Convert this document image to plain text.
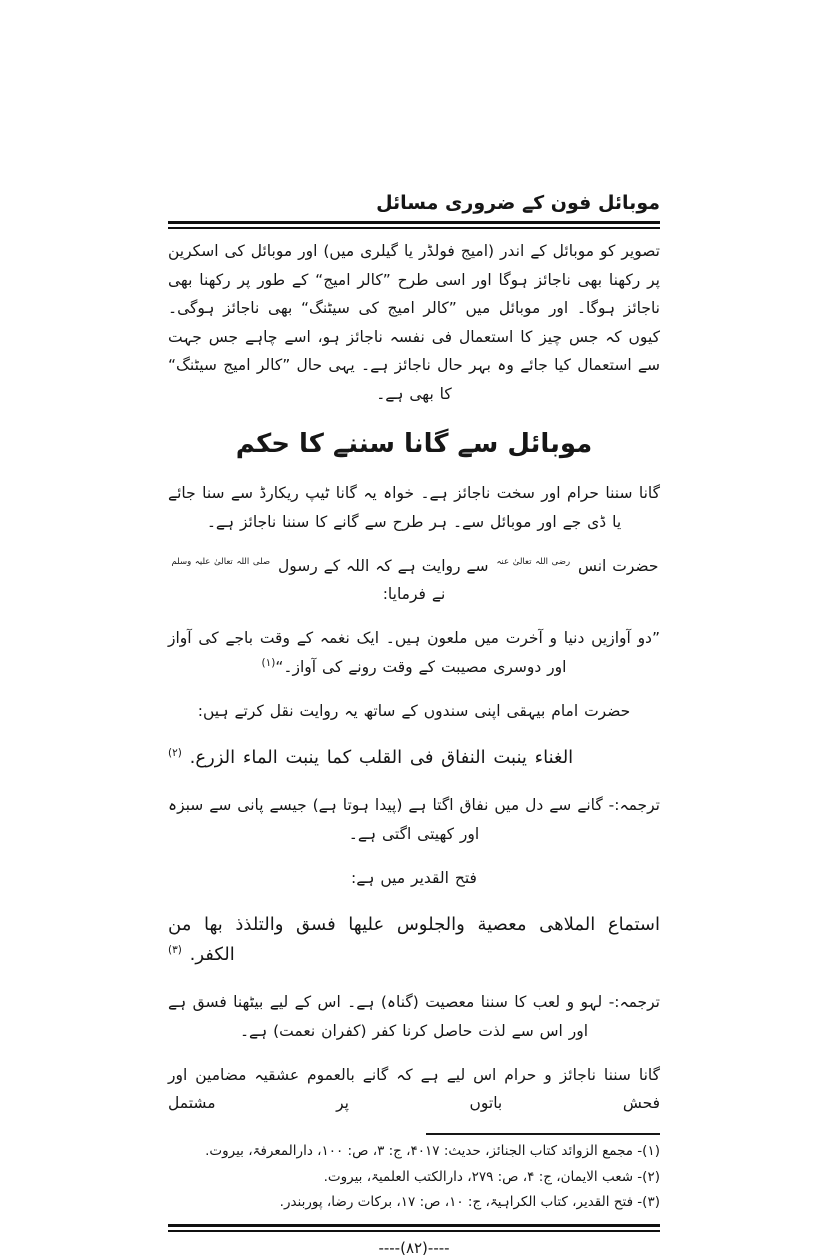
موبائل فون کے ضروری مسائل

تصویر کو موبائل کے اندر (امیج فولڈر یا گیلری میں) اور موبائل کی اسکرین پر رکھنا بھی ناجائز ہوگا اور اسی طرح ”کالر امیج“ کے طور پر رکھنا بھی ناجائز ہوگا۔ اور موبائل میں ”کالر امیج کی سیٹنگ“ بھی ناجائز ہوگی۔ کیوں کہ جس چیز کا استعمال فی نفسہ ناجائز ہو، اسے چاہے جس جہت سے استعمال کیا جائے وہ بہر حال ناجائز ہے۔ یہی حال ”کالر امیج سیٹنگ“ کا بھی ہے۔

موبائل سے گانا سننے کا حکم

گانا سننا حرام اور سخت ناجائز ہے۔ خواہ یہ گانا ٹیپ ریکارڈ سے سنا جائے یا ڈی جے اور موبائل سے۔ ہر طرح سے گانے کا سننا ناجائز ہے۔

حضرت انس رضی اللہ تعالیٰ عنہ سے روایت ہے کہ اللہ کے رسول صلی اللہ تعالیٰ علیہ وسلم نے فرمایا:

”دو آوازیں دنیا و آخرت میں ملعون ہیں۔ ایک نغمہ کے وقت باجے کی آواز اور دوسری مصیبت کے وقت رونے کی آواز۔“$^{(۱)}$

حضرت امام بیہقی اپنی سندوں کے ساتھ یہ روایت نقل کرتے ہیں:

الغناء ينبت النفاق فى القلب كما ينبت الماء الزرع. $^{(۲)}$

ترجمہ:- گانے سے دل میں نفاق اگتا ہے (پیدا ہوتا ہے) جیسے پانی سے سبزہ اور کھیتی اگتی ہے۔

فتح القدیر میں ہے:

استماع الملاهى معصية والجلوس عليها فسق والتلذذ بها من الكفر. $^{(۳)}$

ترجمہ:- لہو و لعب کا سننا معصیت (گناہ) ہے۔ اس کے لیے بیٹھنا فسق ہے اور اس سے لذت حاصل کرنا کفر (کفران نعمت) ہے۔

گانا سننا ناجائز و حرام اس لیے ہے کہ گانے بالعموم عشقیہ مضامین اور فحش باتوں پر مشتمل

(۱)- مجمع الزوائد کتاب الجنائز، حدیث: ۴۰۱۷، ج: ۳، ص: ۱۰۰، دارالمعرفۃ، بیروت.
(۲)- شعب الایمان، ج: ۴، ص: ۲۷۹، دارالکتب العلمیۃ، بیروت.
(۳)- فتح القدیر، کتاب الکراہیۃ، ج: ۱۰، ص: ۱۷، برکات رضا، پوربندر.
----(۸۲)----
